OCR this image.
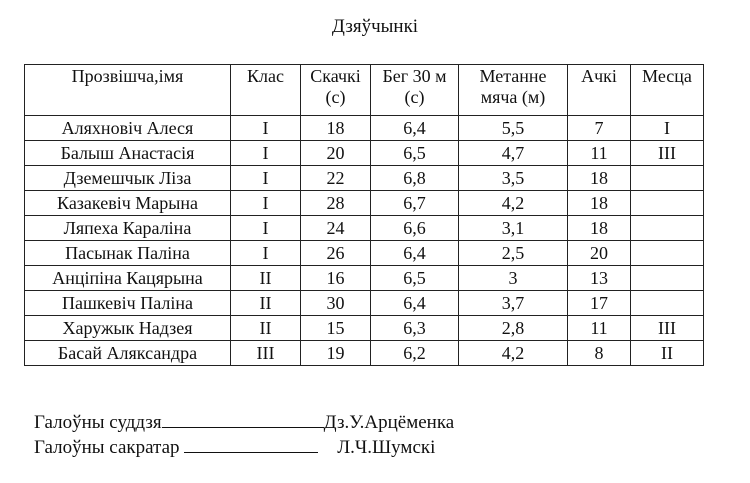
Дзяўчынкі
Прозвішча,імя	Клас	Скачкі (с)	Бег 30 м (с)	Метанне мяча (м)	Ачкі	Месца
Аляхновіч Алеся	I	18	6,4	5,5	7	I
Балыш Анастасія	I	20	6,5	4,7	11	III
Дземешчык Ліза	I	22	6,8	3,5	18	
Казакевіч Марына	I	28	6,7	4,2	18	
Ляпеха Караліна	I	24	6,6	3,1	18	
Пасынак Паліна	I	26	6,4	2,5	20	
Анціпіна Кацярына	II	16	6,5	3	13	
Пашкевіч Паліна	II	30	6,4	3,7	17	
Харужык Надзея	II	15	6,3	2,8	11	III
Басай Аляксандра	III	19	6,2	4,2	8	II
Галоўны суддзя	Дз.У.Арцёменка
Галоўны сакратар	Л.Ч.Шумскі
